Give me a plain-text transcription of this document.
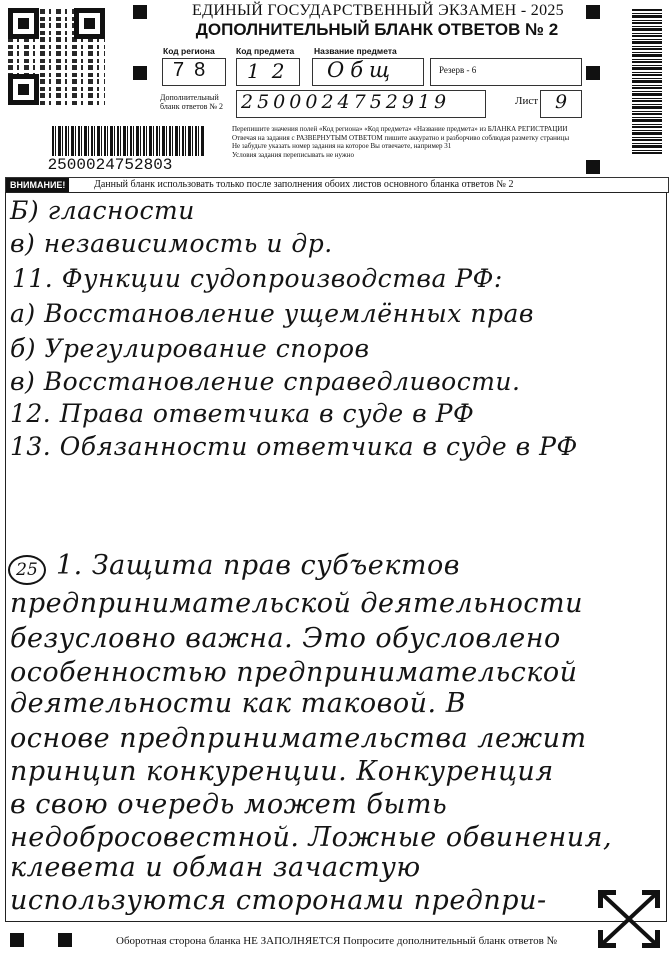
ЕДИНЫЙ ГОСУДАРСТВЕННЫЙ ЭКЗАМЕН - 2025
ДОПОЛНИТЕЛЬНЫЙ БЛАНК ОТВЕТОВ № 2
Код региона Код предмета Название предмета
78 12 Общ	Резерв - 6
Дополнительный бланк ответов № 2 2500024752919	Лист 9
2500024752803
Перепишите значения полей «Код региона» «Код предмета» «Название предмета» из БЛАНКА РЕГИСТРАЦИИ
Отвечая на задания с РАЗВЕРНУТЫМ ОТВЕТОМ пишите аккуратно и разборчиво соблюдая разметку страницы
Не забудьте указать номер задания на которое Вы отвечаете, например 31
Условия задания переписывать не нужно
ВНИМАНИЕ!	Данный бланк использовать только после заполнения обоих листов основного бланка ответов № 2
Б) гласности
в) независимость и др.
11. Функции судопроизводства РФ:
а) Восстановление ущемлённых прав
б) Урегулирование споров
в) Восстановление справедливости.
12. Права ответчика в суде в РФ
13. Обязанности ответчика в суде в РФ
25 1. Защита прав субъектов
предпринимательской деятельности
безусловно важна. Это обусловлено
особенностью предпринимательской
деятельности как таковой. В
основе предпринимательства лежит
принцип конкуренции. Конкуренция
в свою очередь может быть
недобросовестной. Ложные обвинения,
клевета и обман зачастую
используются сторонами предпри-
Оборотная сторона бланка НЕ ЗАПОЛНЯЕТСЯ Попросите дополнительный бланк ответов №
